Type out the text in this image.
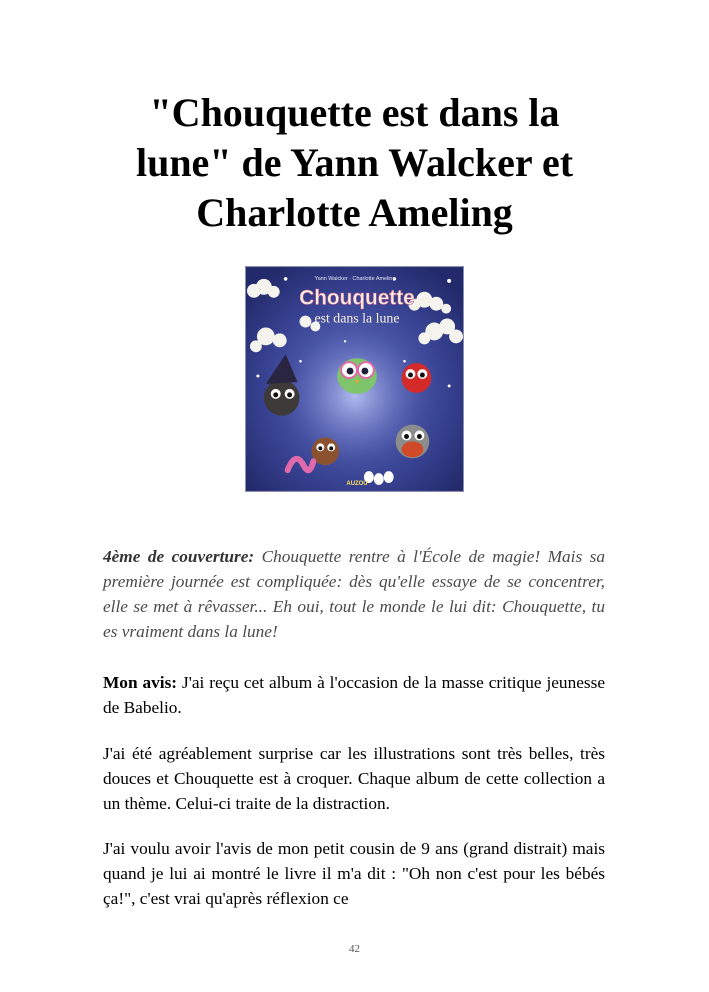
"Chouquette est dans la
lune" de Yann Walcker et
Charlotte Ameling
Yann Walcker · Charlotte Ameling
Chouquette
est dans la lune
AUZOU

4ème de couverture: Chouquette rentre à l'École de magie! Mais sa première journée est compliquée: dès qu'elle essaye de se concentrer, elle se met à rêvasser... Eh oui, tout le monde le lui dit: Chouquette, tu es vraiment dans la lune!

Mon avis: J'ai reçu cet album à l'occasion de la masse critique jeunesse de Babelio.

J'ai été agréablement surprise car les illustrations sont très belles, très douces et Chouquette est à croquer. Chaque album de cette collection a un thème. Celui-ci traite de la distraction.

J'ai voulu avoir l'avis de mon petit cousin de 9 ans (grand distrait) mais quand je lui ai montré le livre il m'a dit : "Oh non c'est pour les bébés ça!", c'est vrai qu'après réflexion ce

42
